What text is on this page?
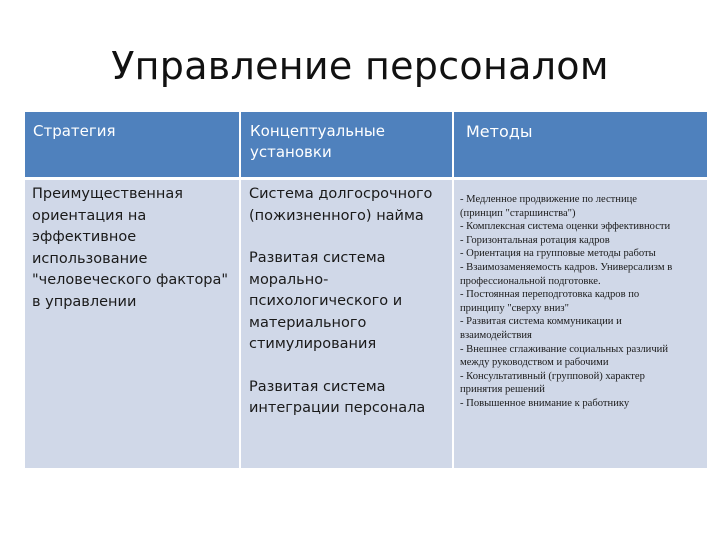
Управление персоналом
Стратегия	Концептуальные установки
Методы
Преимущественная ориентация на эффективное использование "человеческого фактора" в управлении

Система долгосрочного (пожизненного) найма

Развитая система морально-психологического и материального стимулирования

Развитая система интеграции персонала

- Медленное продвижение по лестнице
(принцип "старшинства")
- Комплексная система оценки эффективности
- Горизонтальная ротация кадров
- Ориентация на групповые методы работы
- Взаимозаменяемость кадров. Универсализм в
профессиональной подготовке.
- Постоянная переподготовка кадров по
принципу "сверху вниз"
- Развитая система коммуникации и
взаимодействия
- Внешнее сглаживание социальных различий
между руководством и рабочими
- Консультативный (групповой) характер
принятия решений
- Повышенное внимание к работнику
